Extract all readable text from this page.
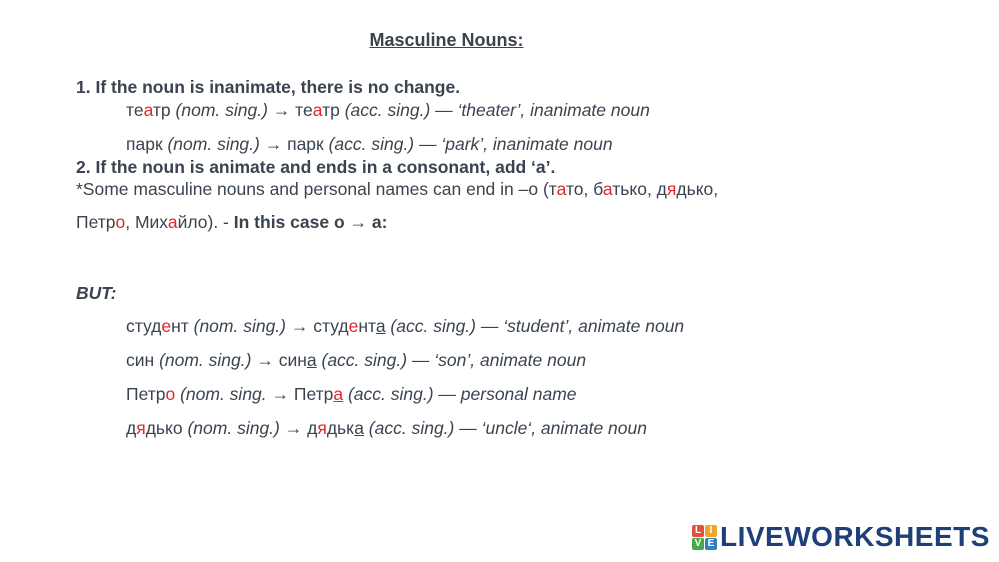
Masculine Nouns:
1. If the noun is inanimate, there is no change.
театр (nom. sing.) → театр (acc. sing.) — ‘theater’, inanimate noun
парк (nom. sing.) → парк (acc. sing.) — ‘park’, inanimate noun
2. If the noun is animate and ends in a consonant, add ‘а’.
*Some masculine nouns and personal names can end in –о (тато, батько, дядько,
Петро, Михайло). - In this case о → а:
BUT:
студент (nom. sing.) → студента (acc. sing.) — ‘student’, animate noun
син (nom. sing.) → сина (acc. sing.) — ‘son’, animate noun
Петро (nom. sing. → Петра (acc. sing.) — personal name
дядько (nom. sing.) → дядька (acc. sing.) — ‘uncle‘, animate noun
L I
V E LIVEWORKSHEETS
